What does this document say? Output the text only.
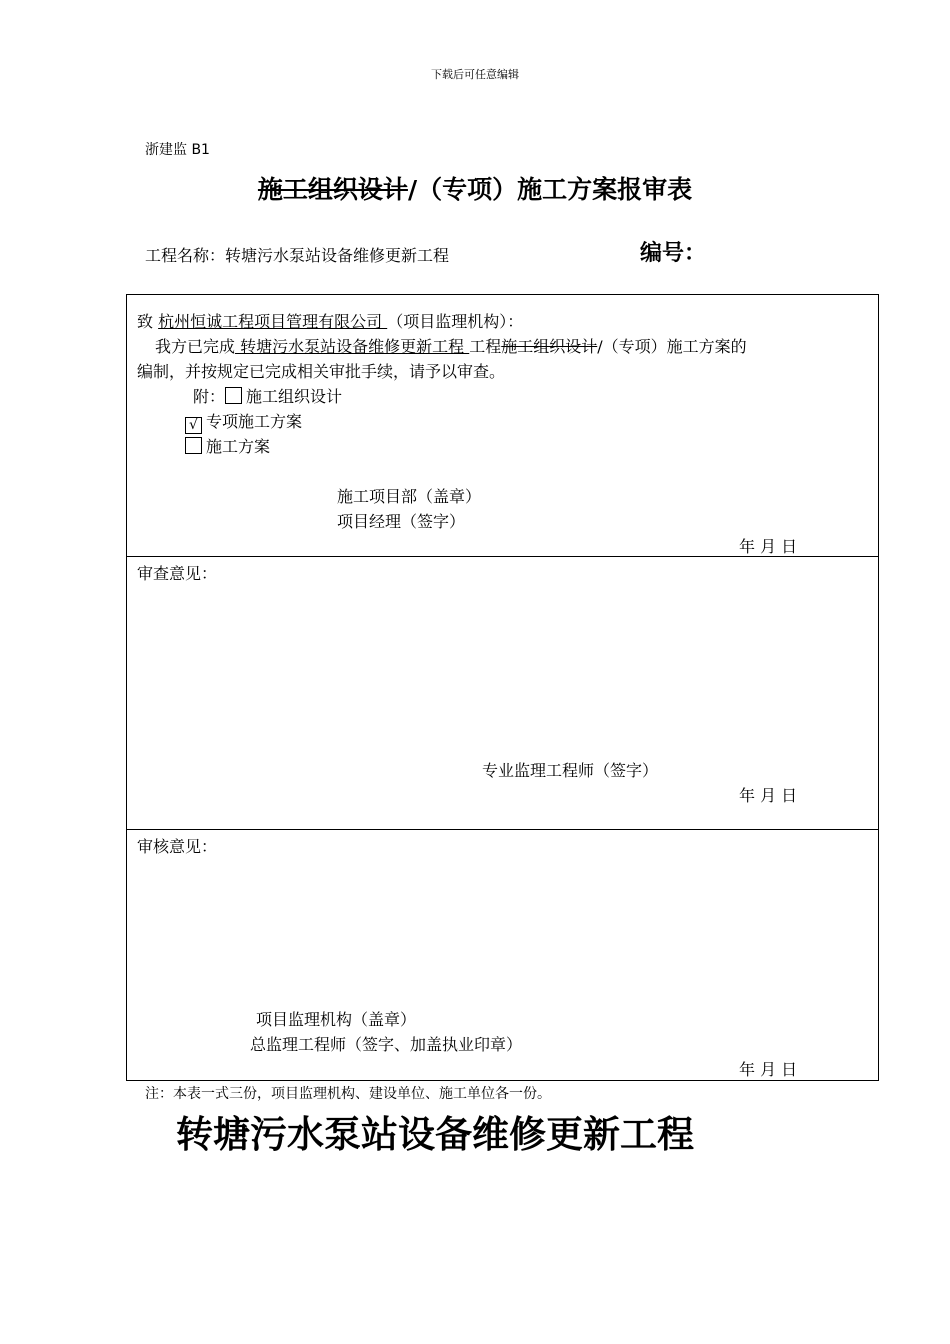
下载后可任意编辑
浙建监 B1
施工组织设计/（专项）施工方案报审表
工程名称：转塘污水泵站设备维修更新工程	编号：
致 杭州恒诚工程项目管理有限公司 （项目监理机构）：
我方已完成 转塘污水泵站设备维修更新工程 工程施工组织设计/（专项）施工方案的
编制，并按规定已完成相关审批手续，请予以审查。
附： 施工组织设计
√ 专项施工方案
施工方案
施工项目部（盖章）
项目经理（签字）
年 月 日
审查意见：
专业监理工程师（签字）
年 月 日
审核意见：
项目监理机构（盖章）
总监理工程师（签字、加盖执业印章）
年 月 日
注：本表一式三份，项目监理机构、建设单位、施工单位各一份。
转塘污水泵站设备维修更新工程
